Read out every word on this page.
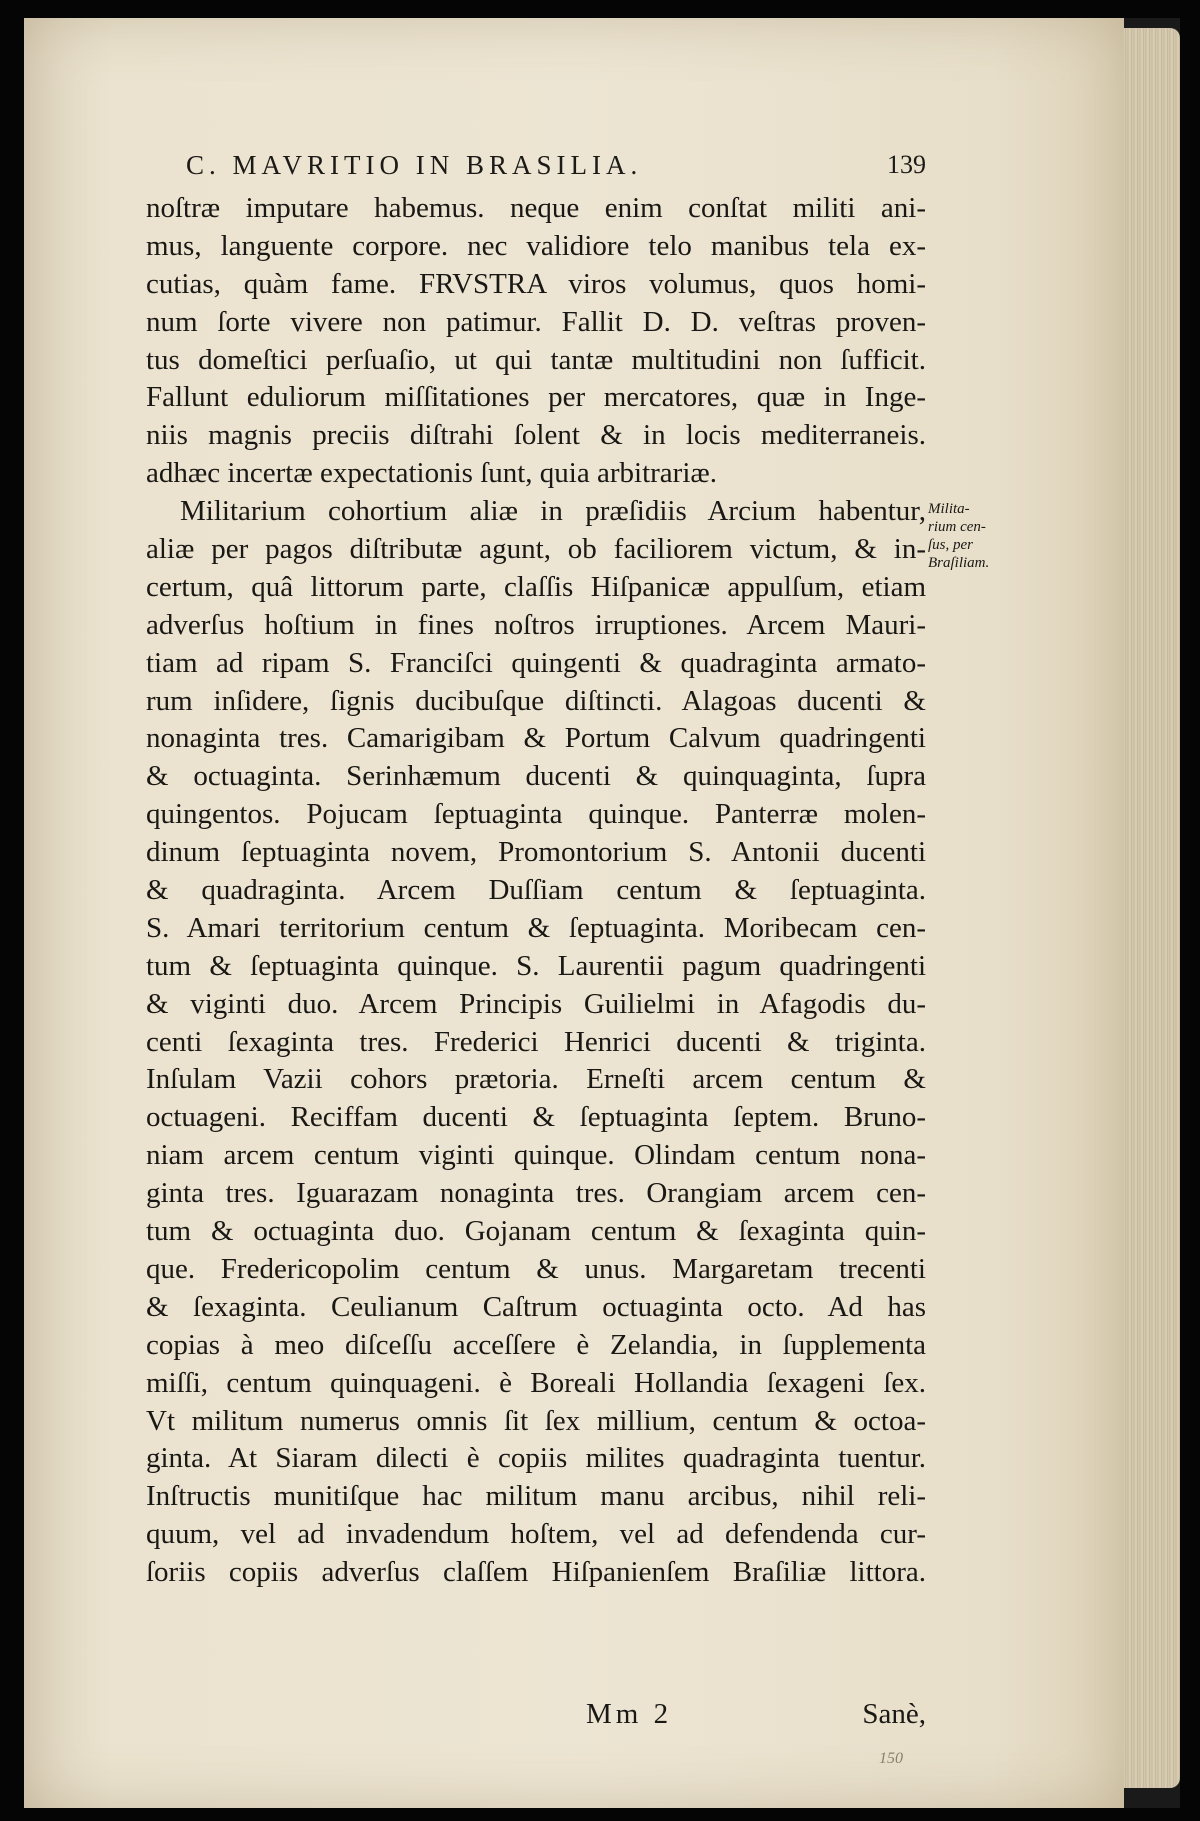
C. MAVRITIO IN BRASILIA.	139
noſtræ imputare habemus. neque enim conſtat militi ani-
mus, languente corpore. nec validiore telo manibus tela ex-
cutias, quàm fame. FRVSTRA viros volumus, quos homi-
num ſorte vivere non patimur. Fallit D. D. veſtras proven-
tus domeſtici perſuaſio, ut qui tantæ multitudini non ſufficit.
Fallunt eduliorum miſſitationes per mercatores, quæ in Inge-
niis magnis preciis diſtrahi ſolent & in locis mediterraneis.
adhæc incertæ expectationis ſunt, quia arbitrariæ.
Militarium cohortium aliæ in præſidiis Arcium habentur,
aliæ per pagos diſtributæ agunt, ob faciliorem victum, & in-
certum, quâ littorum parte, claſſis Hiſpanicæ appulſum, etiam
adverſus hoſtium in fines noſtros irruptiones. Arcem Mauri-
tiam ad ripam S. Franciſci quingenti & quadraginta armato-
rum inſidere, ſignis ducibuſque diſtincti. Alagoas ducenti &
nonaginta tres. Camarigibam & Portum Calvum quadringenti
& octuaginta. Serinhæmum ducenti & quinquaginta, ſupra
quingentos. Pojucam ſeptuaginta quinque. Panterræ molen-
dinum ſeptuaginta novem, Promontorium S. Antonii ducenti
& quadraginta. Arcem Duſſiam centum & ſeptuaginta.
S. Amari territorium centum & ſeptuaginta. Moribecam cen-
tum & ſeptuaginta quinque. S. Laurentii pagum quadringenti
& viginti duo. Arcem Principis Guilielmi in Afagodis du-
centi ſexaginta tres. Frederici Henrici ducenti & triginta.
Inſulam Vazii cohors prætoria. Erneſti arcem centum &
octuageni. Reciffam ducenti & ſeptuaginta ſeptem. Bruno-
niam arcem centum viginti quinque. Olindam centum nona-
ginta tres. Iguarazam nonaginta tres. Orangiam arcem cen-
tum & octuaginta duo. Gojanam centum & ſexaginta quin-
que. Fredericopolim centum & unus. Margaretam trecenti
& ſexaginta. Ceulianum Caſtrum octuaginta octo. Ad has
copias à meo diſceſſu acceſſere è Zelandia, in ſupplementa
miſſi, centum quinquageni. è Boreali Hollandia ſexageni ſex.
Vt militum numerus omnis ſit ſex millium, centum & octoa-
ginta. At Siaram dilecti è copiis milites quadraginta tuentur.
Inſtructis munitiſque hac militum manu arcibus, nihil reli-
quum, vel ad invadendum hoſtem, vel ad defendenda cur-
ſoriis copiis adverſus claſſem Hiſpanienſem Braſiliæ littora.
Milita-
rium cen-
ſus, per
Braſiliam.
Mm 2	Sanè,
150
